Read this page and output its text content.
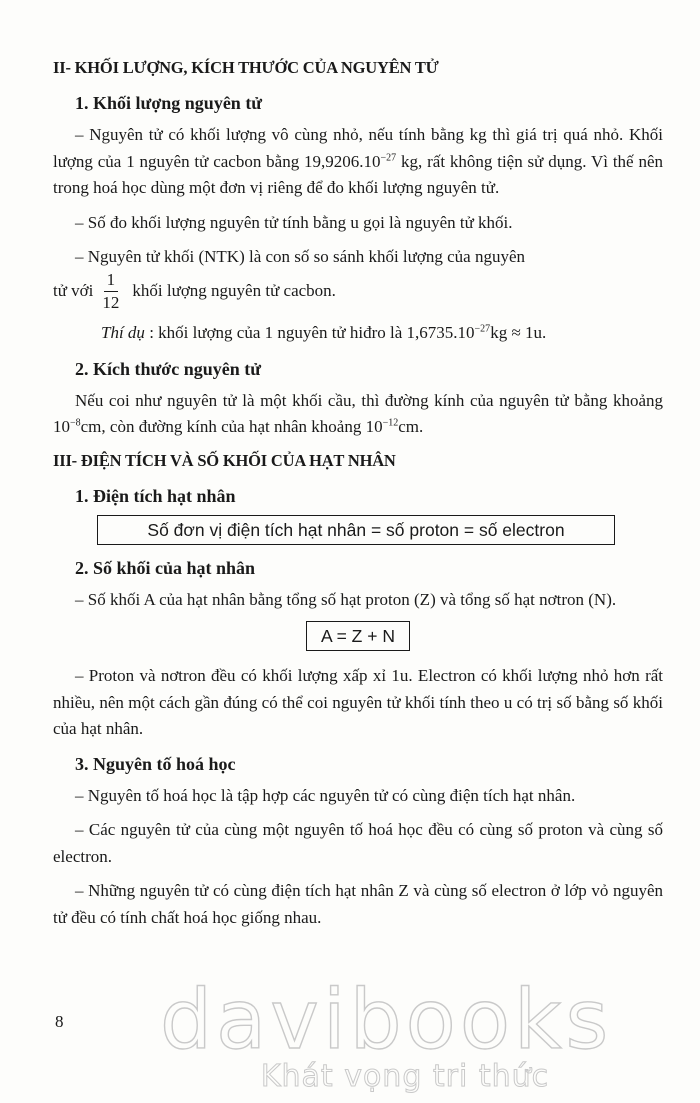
II- KHỐI LƯỢNG, KÍCH THƯỚC CỦA NGUYÊN TỬ
1. Khối lượng nguyên tử

– Nguyên tử có khối lượng vô cùng nhỏ, nếu tính bằng kg thì giá trị quá nhỏ. Khối lượng của 1 nguyên tử cacbon bằng $19,9206.10^{-27}$ kg, rất không tiện sử dụng. Vì thế nên trong hoá học dùng một đơn vị riêng để đo khối lượng nguyên tử.

– Số đo khối lượng nguyên tử tính bằng u gọi là nguyên tử khối.

– Nguyên tử khối (NTK) là con số so sánh khối lượng của nguyên

tử với $\frac{1}{12}$ khối lượng nguyên tử cacbon.
Thí dụ : khối lượng của 1 nguyên tử hiđro là $1,6735.10^{-27}kg \approx 1u$.
2. Kích thước nguyên tử

Nếu coi như nguyên tử là một khối cầu, thì đường kính của nguyên tử bằng khoảng $10^{-8}cm$, còn đường kính của hạt nhân khoảng $10^{-12}cm$.

III- ĐIỆN TÍCH VÀ SỐ KHỐI CỦA HẠT NHÂN
1. Điện tích hạt nhân
Số đơn vị điện tích hạt nhân = số proton = số electron
2. Số khối của hạt nhân

– Số khối A của hạt nhân bằng tổng số hạt proton (Z) và tổng số hạt nơtron (N).

A = Z + N

– Proton và nơtron đều có khối lượng xấp xỉ 1u. Electron có khối lượng nhỏ hơn rất nhiều, nên một cách gần đúng có thể coi nguyên tử khối tính theo u có trị số bằng số khối của hạt nhân.

3. Nguyên tố hoá học

– Nguyên tố hoá học là tập hợp các nguyên tử có cùng điện tích hạt nhân.

– Các nguyên tử của cùng một nguyên tố hoá học đều có cùng số proton và cùng số electron.

– Những nguyên tử có cùng điện tích hạt nhân Z và cùng số electron ở lớp vỏ nguyên tử đều có tính chất hoá học giống nhau.

8 davibooks
Khát vọng tri thức
